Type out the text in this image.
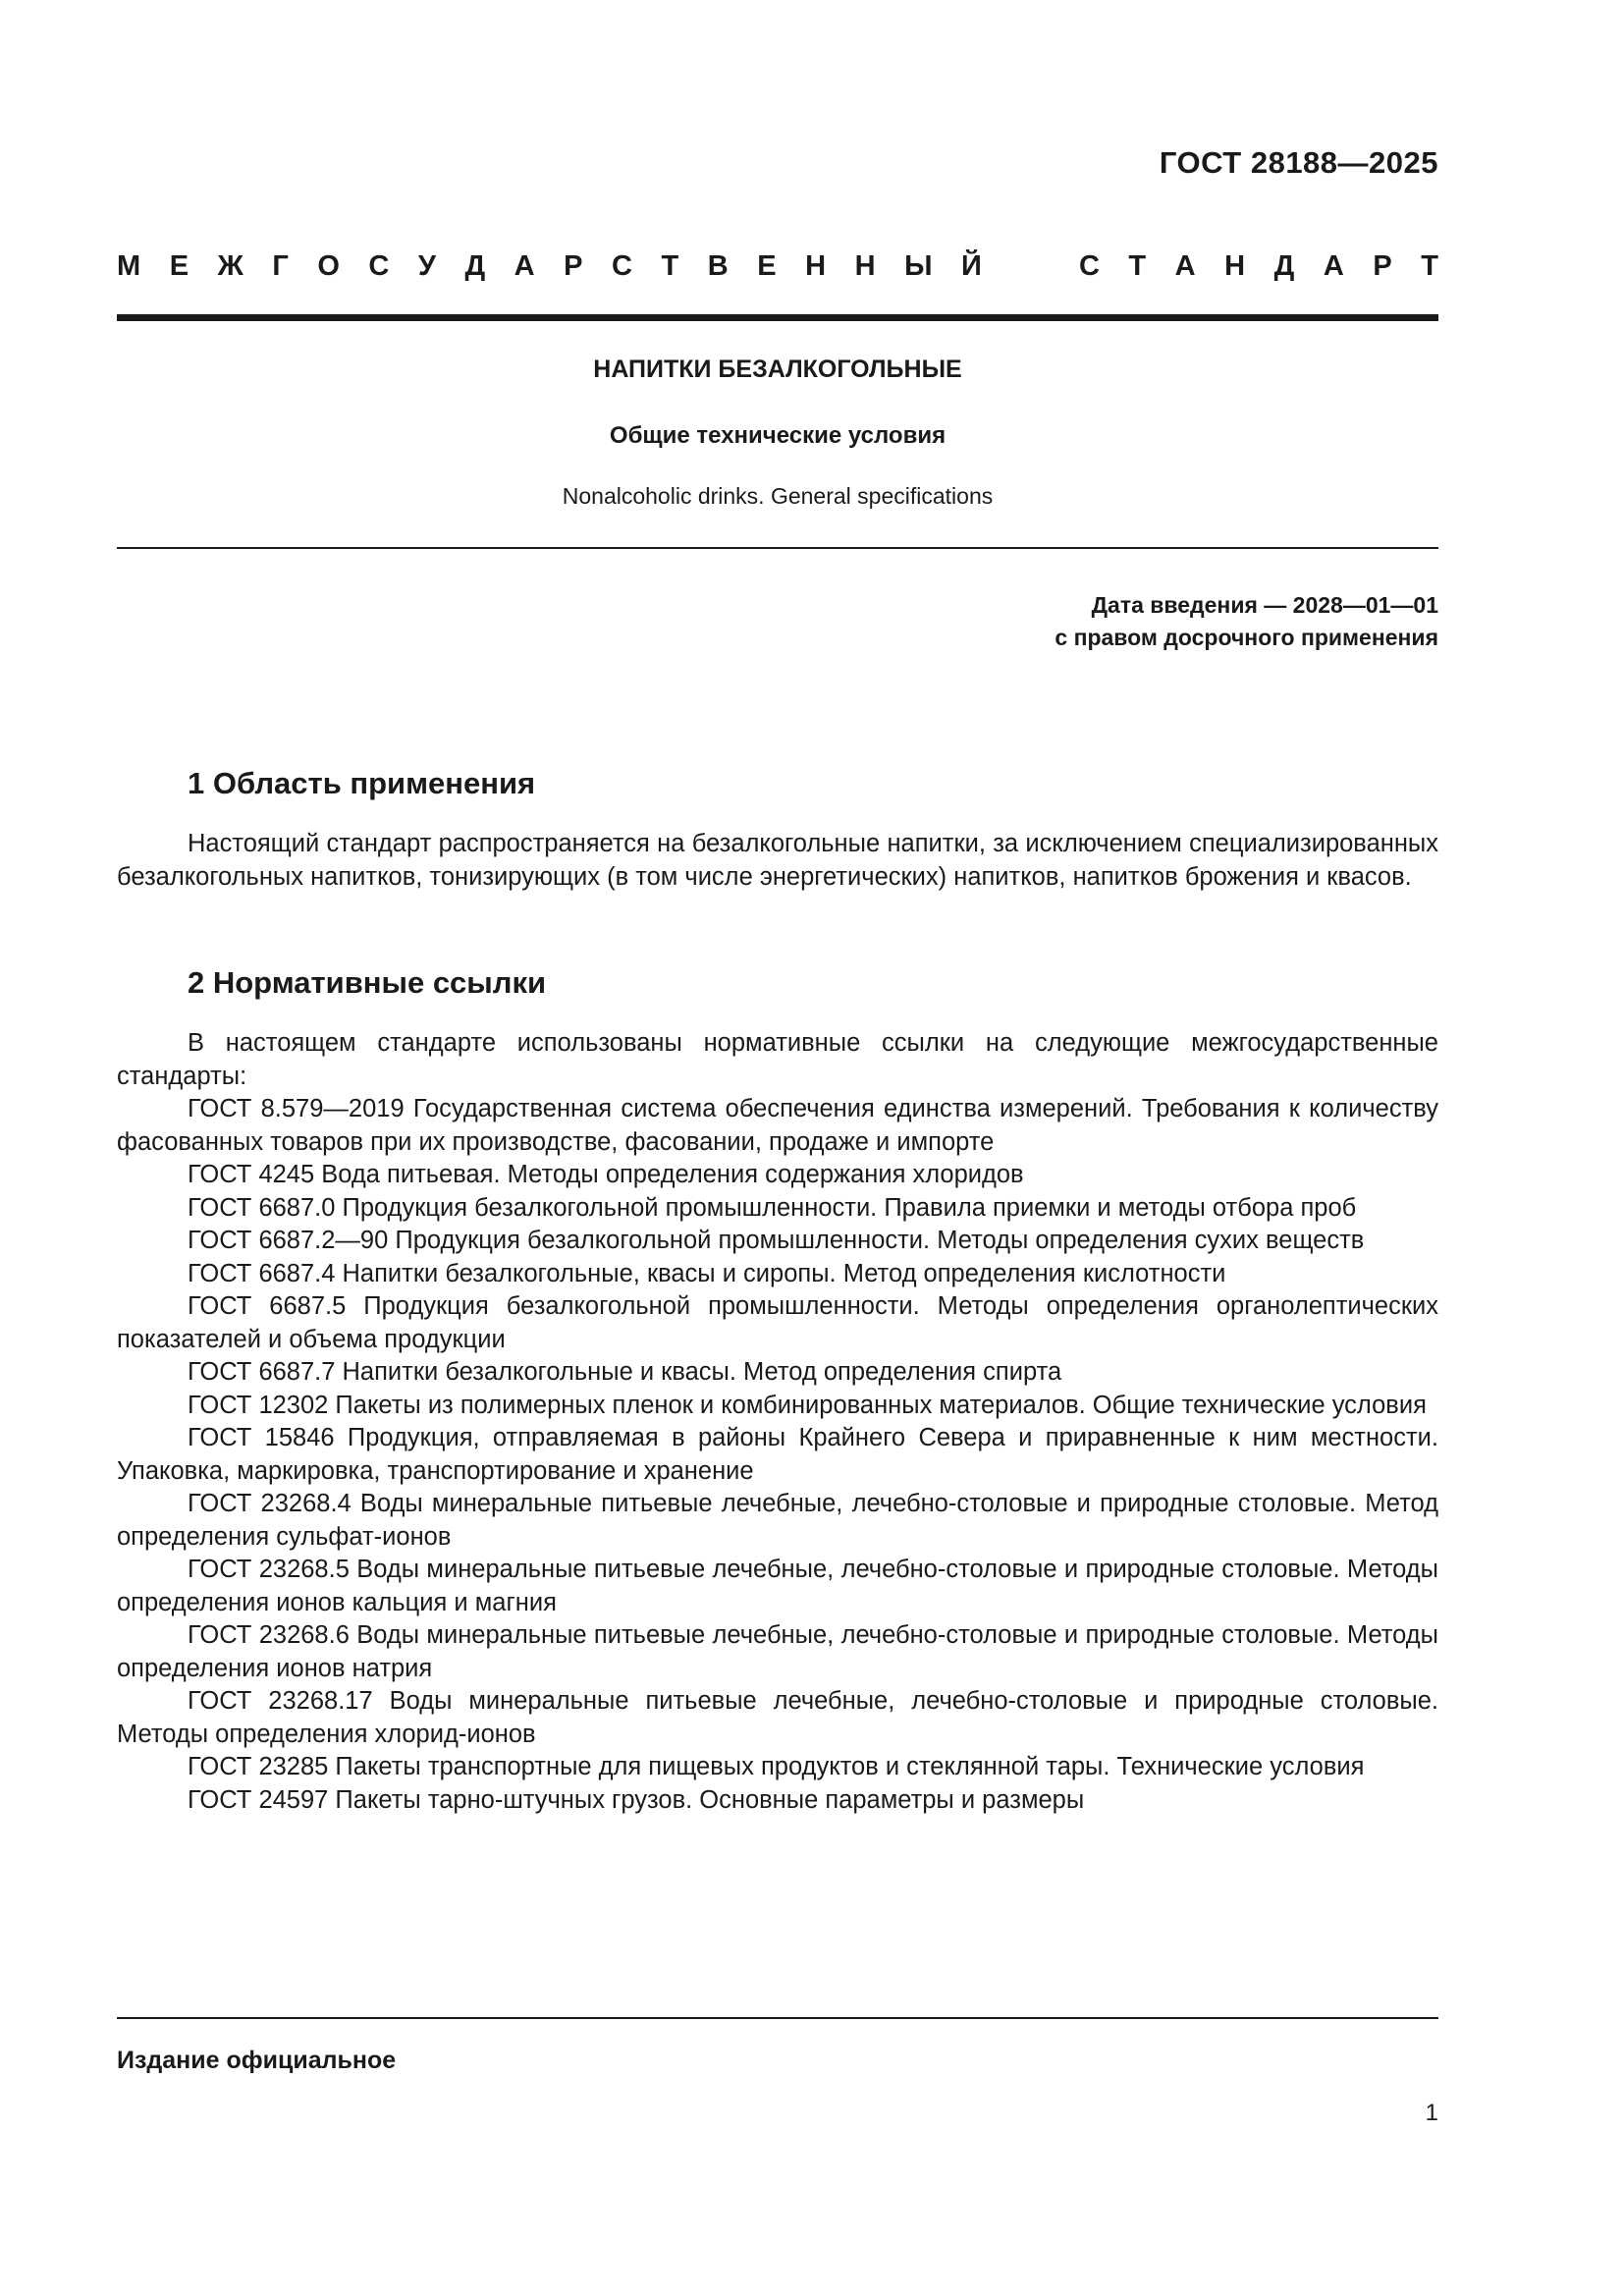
ГОСТ 28188—2025
М Е Ж Г О С У Д А Р С Т В Е Н Н Ы Й	С Т А Н Д А Р Т
НАПИТКИ БЕЗАЛКОГОЛЬНЫЕ
Общие технические условия
Nonalcoholic drinks. General specifications
Дата введения — 2028—01—01
с правом досрочного применения
1 Область применения

Настоящий стандарт распространяется на безалкогольные напитки, за исключением специализированных безалкогольных напитков, тонизирующих (в том числе энергетических) напитков, напитков брожения и квасов.

2 Нормативные ссылки

В настоящем стандарте использованы нормативные ссылки на следующие межгосударственные стандарты:

ГОСТ 8.579—2019 Государственная система обеспечения единства измерений. Требования к количеству фасованных товаров при их производстве, фасовании, продаже и импорте

ГОСТ 4245 Вода питьевая. Методы определения содержания хлоридов

ГОСТ 6687.0 Продукция безалкогольной промышленности. Правила приемки и методы отбора проб

ГОСТ 6687.2—90 Продукция безалкогольной промышленности. Методы определения сухих веществ

ГОСТ 6687.4 Напитки безалкогольные, квасы и сиропы. Метод определения кислотности

ГОСТ 6687.5 Продукция безалкогольной промышленности. Методы определения органолептических показателей и объема продукции

ГОСТ 6687.7 Напитки безалкогольные и квасы. Метод определения спирта

ГОСТ 12302 Пакеты из полимерных пленок и комбинированных материалов. Общие технические условия

ГОСТ 15846 Продукция, отправляемая в районы Крайнего Севера и приравненные к ним местности. Упаковка, маркировка, транспортирование и хранение

ГОСТ 23268.4 Воды минеральные питьевые лечебные, лечебно-столовые и природные столовые. Метод определения сульфат-ионов

ГОСТ 23268.5 Воды минеральные питьевые лечебные, лечебно-столовые и природные столовые. Методы определения ионов кальция и магния

ГОСТ 23268.6 Воды минеральные питьевые лечебные, лечебно-столовые и природные столовые. Методы определения ионов натрия

ГОСТ 23268.17 Воды минеральные питьевые лечебные, лечебно-столовые и природные столовые. Методы определения хлорид-ионов

ГОСТ 23285 Пакеты транспортные для пищевых продуктов и стеклянной тары. Технические условия

ГОСТ 24597 Пакеты тарно-штучных грузов. Основные параметры и размеры

Издание официальное
1
